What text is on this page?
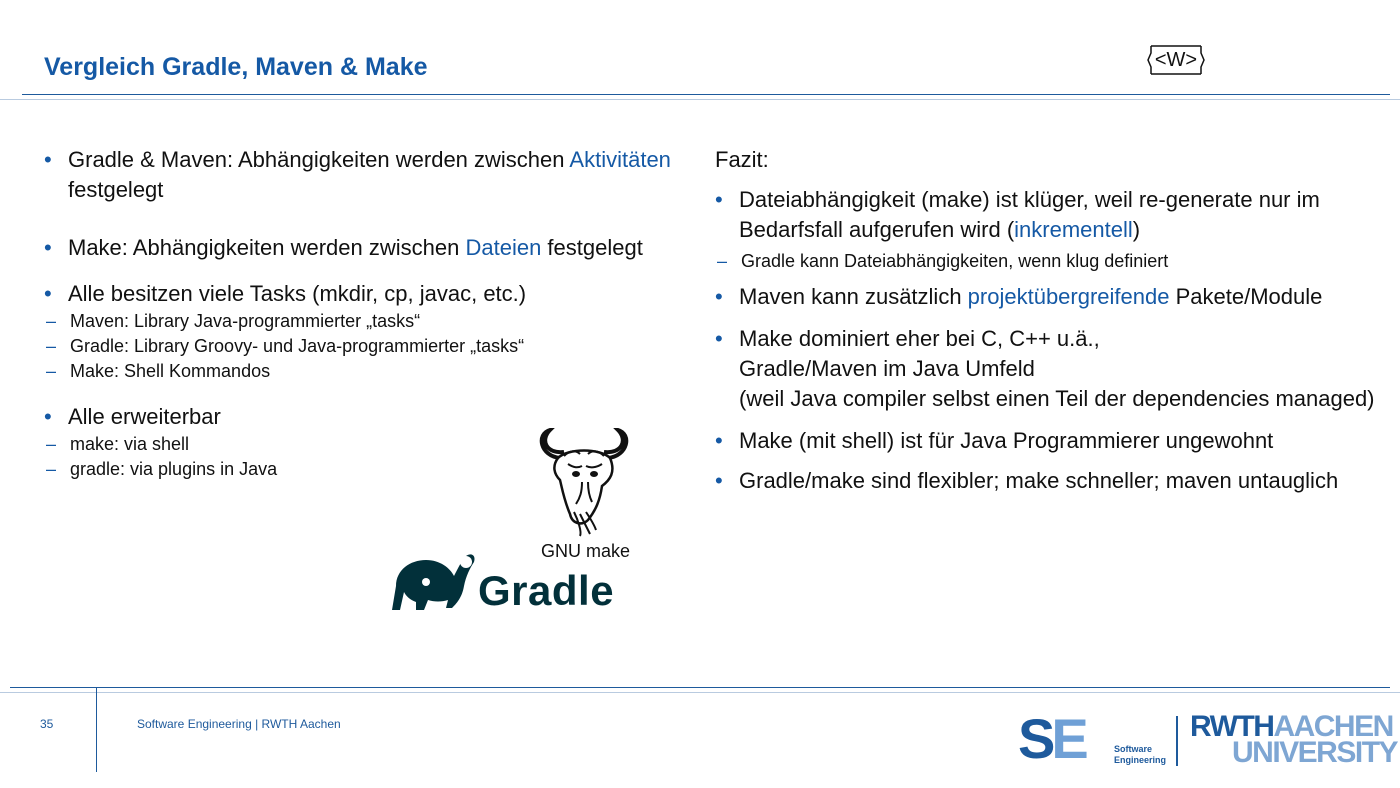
Vergleich Gradle, Maven & Make	<W>
• Gradle & Maven: Abhängigkeiten werden zwischen Aktivitäten festgelegt
• Make: Abhängigkeiten werden zwischen Dateien festgelegt
• Alle besitzen viele Tasks (mkdir, cp, javac, etc.)
– Maven: Library Java-programmierter „tasks“
– Gradle: Library Groovy- und Java-programmierter „tasks“
– Make: Shell Kommandos
• Alle erweiterbar
– make: via shell
– gradle: via plugins in Java
GNU make
Gradle
Fazit:
• Dateiabhängigkeit (make) ist klüger, weil re-generate nur im Bedarfsfall aufgerufen wird (inkrementell)
– Gradle kann Dateiabhängigkeiten, wenn klug definiert
• Maven kann zusätzlich projektübergreifende Pakete/Module
• Make dominiert eher bei C, C++ u.ä.,
Gradle/Maven im Java Umfeld
(weil Java compiler selbst einen Teil der dependencies managed)
• Make (mit shell) ist für Java Programmierer ungewohnt
• Gradle/make sind flexibler; make schneller; maven untauglich
35	Software Engineering | RWTH Aachen	SE	Software
Engineering
RWTHAACHEN
UNIVERSITY
